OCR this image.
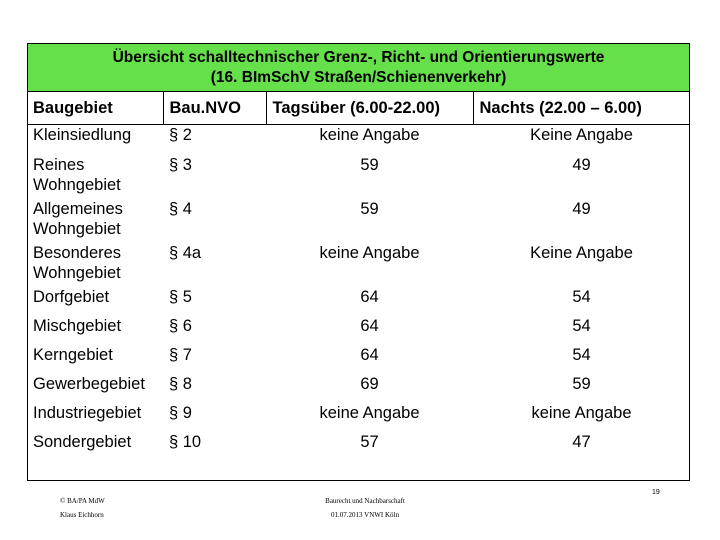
Übersicht schalltechnischer Grenz-, Richt- und Orientierungswerte
(16. BImSchV Straßen/Schienenverkehr)
Baugebiet	Bau.NVO	Tagsüber (6.00-22.00)	Nachts (22.00 – 6.00)
Kleinsiedlung	§ 2	keine Angabe	Keine Angabe
Reines Wohngebiet	§ 3	59	49
Allgemeines Wohngebiet	§ 4	59	49
Besonderes Wohngebiet	§ 4a	keine Angabe	Keine Angabe
Dorfgebiet	§ 5	64	54
Mischgebiet	§ 6	64	54
Kerngebiet	§ 7	64	54
Gewerbegebiet	§ 8	69	59
Industriegebiet	§ 9	keine Angabe	keine Angabe
Sondergebiet	§ 10	57	47
© BA/PA MdW
Klaus Eichhorn
Baurecht und Nachbarschaft
01.07.2013 VNWI Köln
19
